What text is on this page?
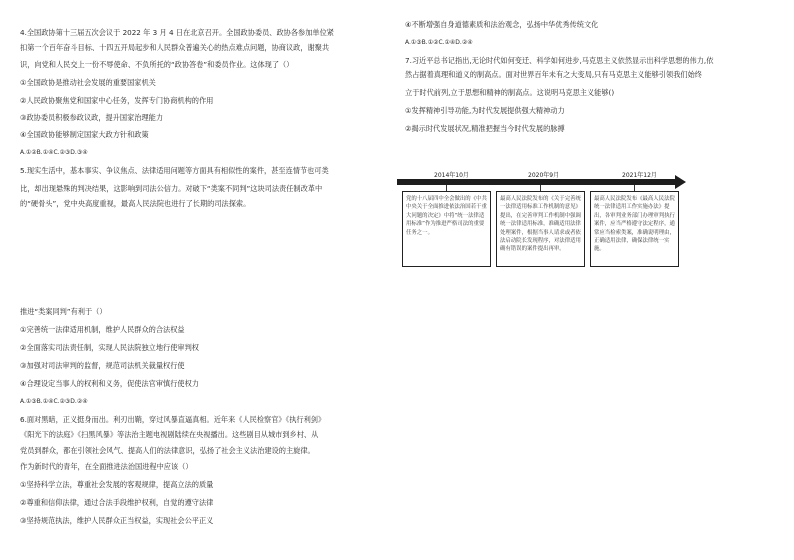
4.全国政协第十三届五次会议于 2022 年 3 月 4 日在北京召开。全国政协委员、政协各参加单位紧
扣第一个百年奋斗目标、十四五开局起步和人民群众普遍关心的热点难点问题，协商议政，谢聚共
识，向党和人民交上一份不辱使命、不负所托的“政协答卷”和委员作业。这体现了（）
①全国政协是推动社会发展的重要国家机关
②人民政协聚焦党和国家中心任务，发挥专门协商机构的作用
③政协委员积极参政议政，提升国家治理能力
④全国政协能够制定国家大政方针和政策
A.①②B.①④C.②③D.③④
5.现实生活中，基本事实、争议焦点、法律适用问题等方面具有相似性的案件，甚至连情节也可类
比，却出现悬殊的判决结果，这影响到司法公信力。对破下“类案不同判”这块司法责任制改革中
的“硬骨头”，党中央高度重视，最高人民法院也进行了长期的司法探索。
推进“类案同判”有利于（）
①完善统一法律适用机制，维护人民群众的合法权益
②全面落实司法责任制，实现人民法院独立地行使审判权
③加强对司法审判的监督，规范司法机关裁量权行使
④合理设定当事人的权利和义务，促使法官审慎行使权力
A.①③B.①④C.②③D.②④
6.面对黑暗，正义挺身而出。利刃出鞘，穿过风暴直逼真相。近年来《人民检察官》《执行利剑》
《阳光下的法庭》《扫黑风暴》等法治主题电视剧陆续在央视播出。这些剧目从城市到乡村、从
党员到群众，都在引领社会风气、提高人们的法律意识，弘扬了社会主义法治建设的主旋律。
作为新时代的青年，在全面推进法治国进程中应该（）
①坚持科学立法，尊重社会发展的客观规律，提高立法的质量
②尊重和信仰法律，通过合法手段维护权利，自觉的遵守法律
③坚持规范执法，维护人民群众正当权益，实现社会公平正义
④不断增强自身道德素质和法治观念，弘扬中华优秀传统文化
A.①③B.①②C.①④D.②④
7.习近平总书记指出,无论时代如何变迁、科学如何进步,马克思主义依然显示出科学思想的伟力,依
然占据着真理和道义的制高点。面对世界百年未有之大变局,只有马克思主义能够引领我们始终
立于时代前列,立于思想和精神的制高点。这说明马克思主义能够()
①发挥精神引导功能,为时代发展提供强大精神动力
②揭示时代发展状况,精准把握当今时代发展的脉搏
2014年10月	2020年9月	2021年12月
党的十八届四中全会做出的《中共中央关于全面推进依法治国若干重大问题的决定》中将“统一法律适用标准”作为推进严格司法的重要任务之一。
最高人民法院发布的《关于完善统一法律适用标准工作机制的意见》提出，在完善审判工作机制中强调统一法律适用标准，准确适用法律处理案件，根据当事人请求或者依法启动院长发现程序，对法律适用确有错误的案件提出再审。
最高人民法院发布《最高人民法院统一法律适用工作实施办法》提出，各审判业务部门办理审判执行案件，应当严格遵守法定程序，通常应当检索类案，准确说明理由，正确适用法律，确保法律统一实施。
